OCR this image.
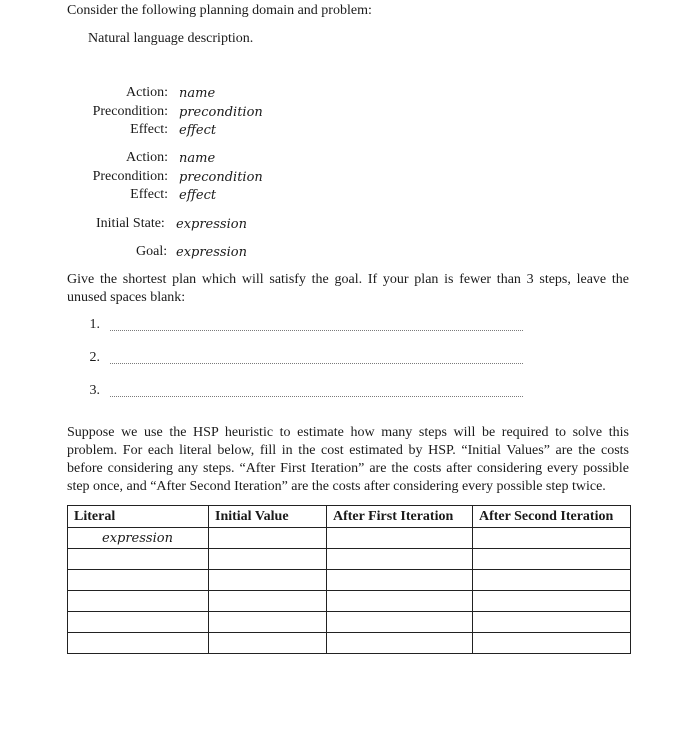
Consider the following planning domain and problem:
Natural language description.
Action: name
Precondition: precondition
Effect: effect
Action: name
Precondition: precondition
Effect: effect
Initial State: expression
Goal: expression
Give the shortest plan which will satisfy the goal. If your plan is fewer than 3 steps, leave the unused spaces blank:
1.
2.
3.
Suppose we use the HSP heuristic to estimate how many steps will be required to solve this problem. For each literal below, fill in the cost estimated by HSP. “Initial Values” are the costs before considering any steps. “After First Iteration” are the costs after considering every possible step once, and “After Second Iteration” are the costs after considering every possible step twice.
Literal	Initial Value	After First Iteration	After Second Iteration
expression			
